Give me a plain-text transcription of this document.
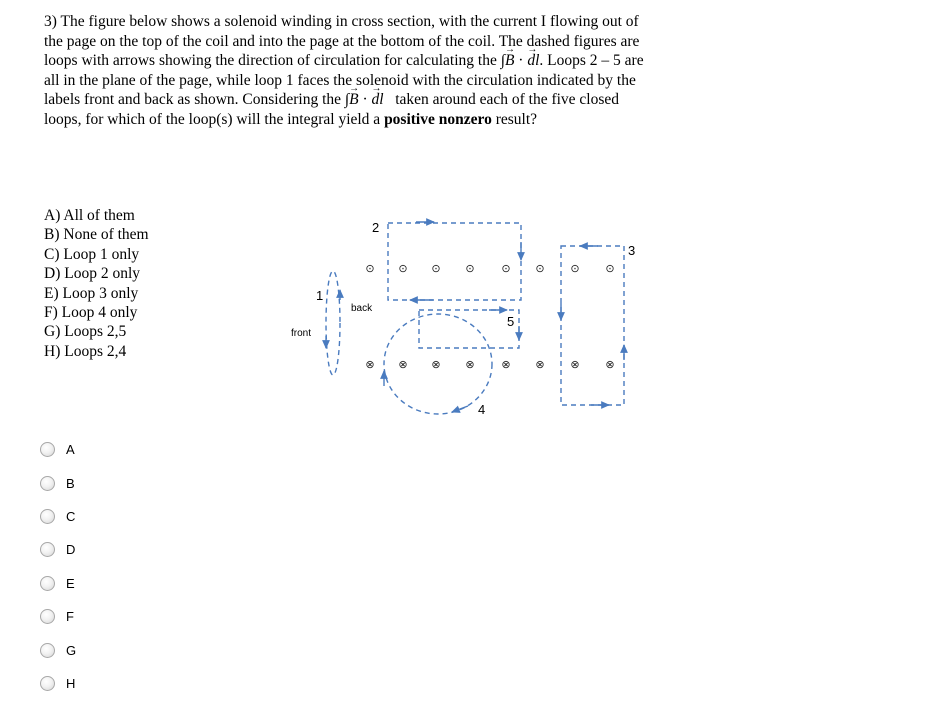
3) The figure below shows a solenoid winding in cross section, with the current I flowing out of the page on the top of the coil and into the page at the bottom of the coil. The dashed figures are loops with arrows showing the direction of circulation for calculating the ∫→ B · → dl. Loops 2 – 5 are all in the plane of the page, while loop 1 faces the solenoid with the circulation indicated by the labels front and back as shown. Considering the ∫→ B · → dl taken around each of the five closed loops, for which of the loop(s) will the integral yield a positive nonzero result?

A) All of them
B) None of them
C) Loop 1 only
D) Loop 2 only
E) Loop 3 only
F) Loop 4 only
G) Loops 2,5
H) Loops 2,4
⊙ ⊙ ⊙ ⊙ ⊙ ⊙ ⊙ ⊙
⊗ ⊗ ⊗ ⊗ ⊗ ⊗ ⊗ ⊗
2
3
1
5
4
back
front
A
B
C
D
E
F
G
H
